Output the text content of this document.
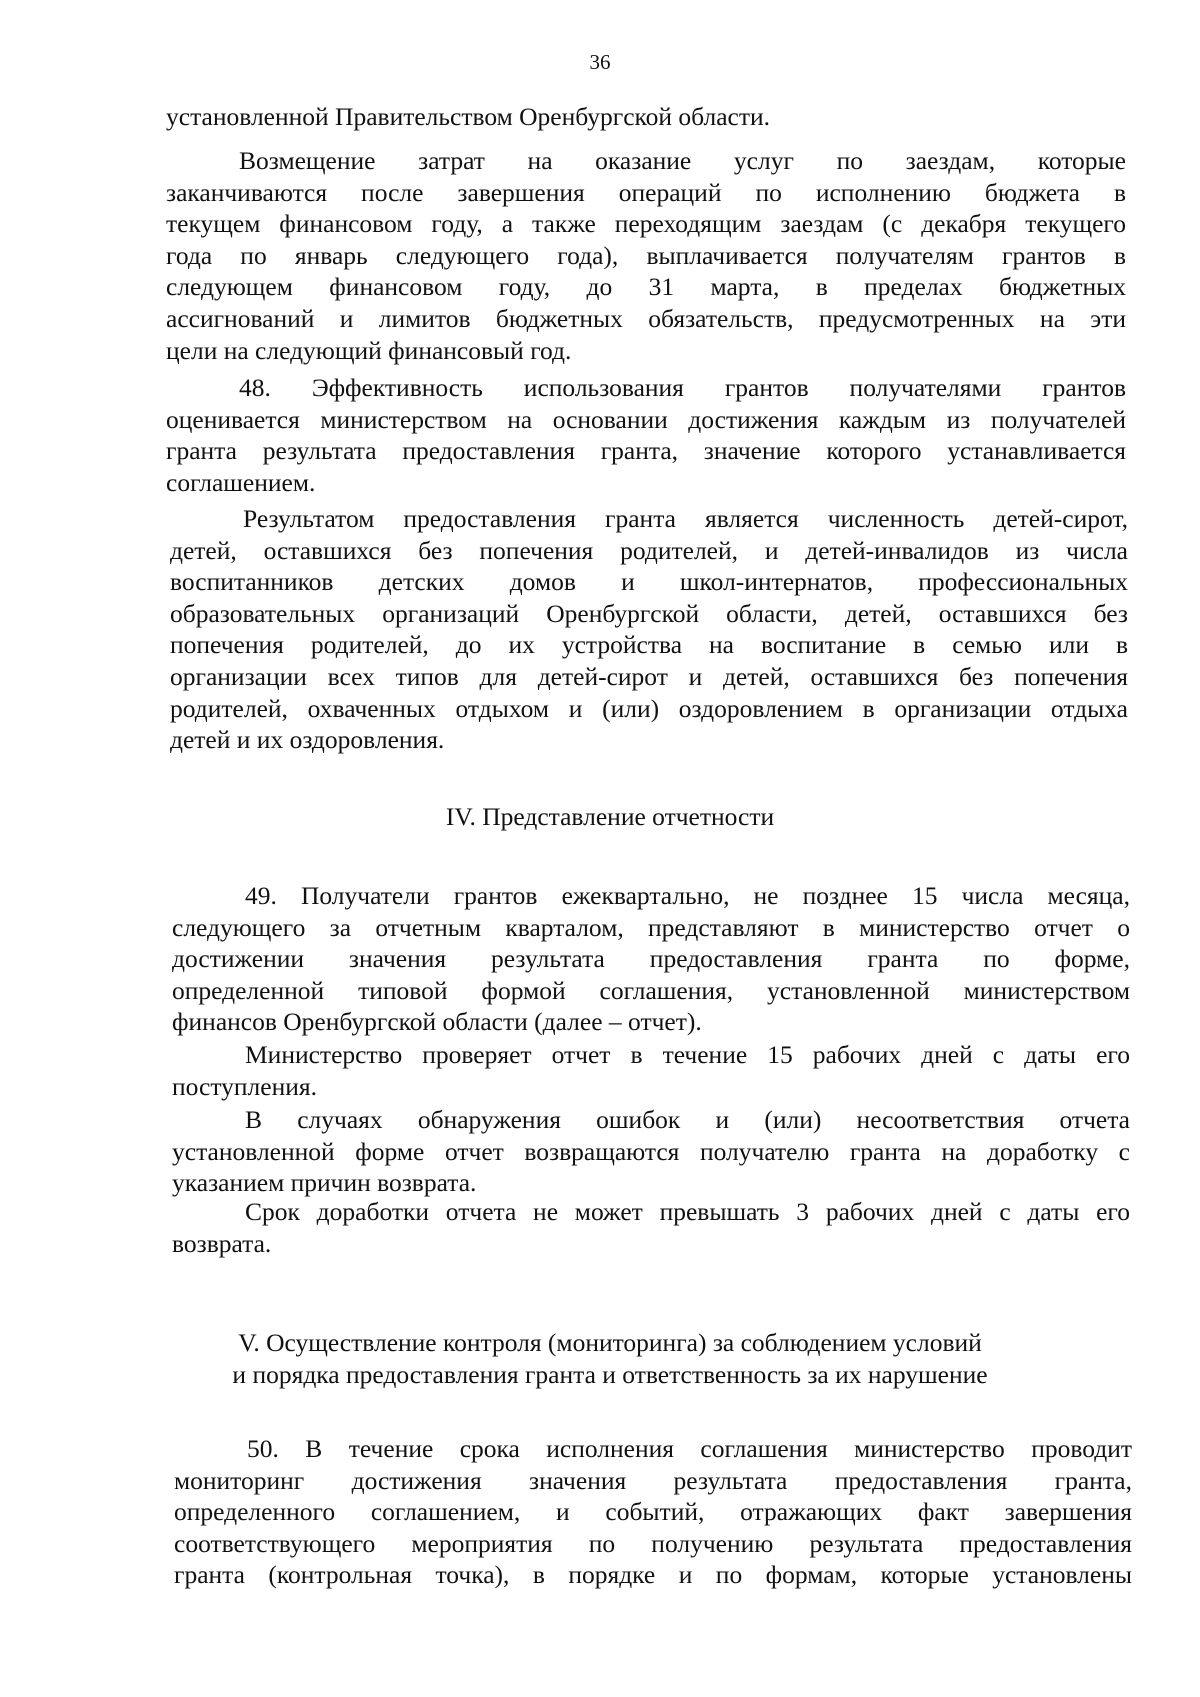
36
установленной Правительством Оренбургской области.
Возмещение затрат на оказание услуг по заездам, которые
заканчиваются после завершения операций по исполнению бюджета в
текущем финансовом году, а также переходящим заездам (с декабря текущего
года по январь следующего года), выплачивается получателям грантов в
следующем финансовом году, до 31 марта, в пределах бюджетных
ассигнований и лимитов бюджетных обязательств, предусмотренных на эти
цели на следующий финансовый год.
48. Эффективность использования грантов получателями грантов
оценивается министерством на основании достижения каждым из получателей
гранта результата предоставления гранта, значение которого устанавливается
соглашением.
Результатом предоставления гранта является численность детей-сирот,
детей, оставшихся без попечения родителей, и детей-инвалидов из числа
воспитанников детских домов и школ-интернатов, профессиональных
образовательных организаций Оренбургской области, детей, оставшихся без
попечения родителей, до их устройства на воспитание в семью или в
организации всех типов для детей-сирот и детей, оставшихся без попечения
родителей, охваченных отдыхом и (или) оздоровлением в организации отдыха
детей и их оздоровления.
IV. Представление отчетности
49. Получатели грантов ежеквартально, не позднее 15 числа месяца,
следующего за отчетным кварталом, представляют в министерство отчет о
достижении значения результата предоставления гранта по форме,
определенной типовой формой соглашения, установленной министерством
финансов Оренбургской области (далее – отчет).
Министерство проверяет отчет в течение 15 рабочих дней с даты его
поступления.
В случаях обнаружения ошибок и (или) несоответствия отчета
установленной форме отчет возвращаются получателю гранта на доработку с
указанием причин возврата.
Срок доработки отчета не может превышать 3 рабочих дней с даты его
возврата.
V. Осуществление контроля (мониторинга) за соблюдением условий
и порядка предоставления гранта и ответственность за их нарушение
50. В течение срока исполнения соглашения министерство проводит
мониторинг достижения значения результата предоставления гранта,
определенного соглашением, и событий, отражающих факт завершения
соответствующего мероприятия по получению результата предоставления
гранта (контрольная точка), в порядке и по формам, которые установлены
